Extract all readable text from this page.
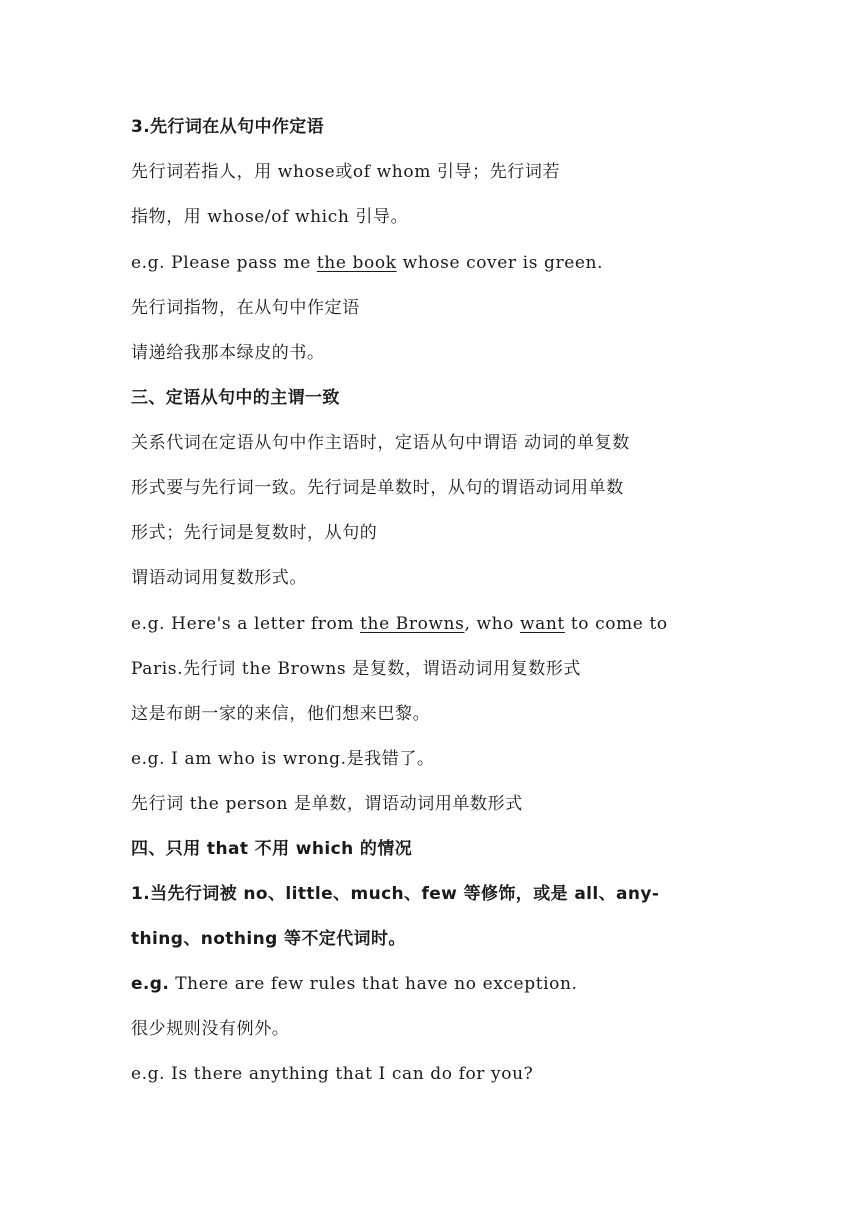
3.先行词在从句中作定语
先行词若指人，用 whose或of whom 引导；先行词若
指物，用 whose/of which 引导。
e.g. Please pass me the book whose cover is green.
先行词指物，在从句中作定语
请递给我那本绿皮的书。
三、定语从句中的主谓一致
关系代词在定语从句中作主语时，定语从句中谓语 动词的单复数
形式要与先行词一致。先行词是单数时，从句的谓语动词用单数
形式；先行词是复数时，从句的
谓语动词用复数形式。
e.g. Here's a letter from the Browns, who want to come to
Paris.先行词 the Browns 是复数，谓语动词用复数形式
这是布朗一家的来信，他们想来巴黎。
e.g. I am who is wrong.是我错了。
先行词 the person 是单数，谓语动词用单数形式
四、只用 that 不用 which 的情况
1.当先行词被 no、little、much、few 等修饰，或是 all、any-
thing、nothing 等不定代词时。
e.g. There are few rules that have no exception.
很少规则没有例外。
e.g. Is there anything that I can do for you?
